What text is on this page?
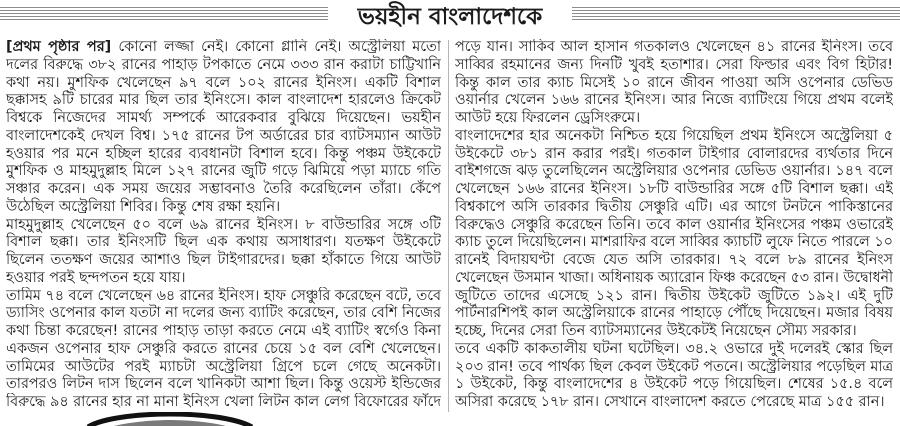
ভয়হীন বাংলাদেশকে
[প্রথম পৃষ্ঠার পর] কোনো লজ্জা নেই। কোনো গ্লানি নেই। অস্ট্রেলিয়া মতো
দলের বিরুদ্ধে ৩৮২ রানের পাহাড় টপকাতে নেমে ৩৩৩ রান করাটা চাট্টিখানি
কথা নয়। মুশফিক খেলেছেন ৯৭ বলে ১০২ রানের ইনিংস। একটি বিশাল
ছক্কাসহ ৯টি চারের মার ছিল তার ইনিংসে। কাল বাংলাদেশ হারলেও ক্রিকেট
বিশ্বকে নিজেদের সামর্থ্য সম্পর্কে আরেকবার বুঝিয়ে দিয়েছেন। ভয়হীন
বাংলাদেশকেই দেখল বিশ্ব। ১৭৫ রানের টপ অর্ডারের চার ব্যাটসম্যান আউট
হওয়ার পর মনে হচ্ছিল হারের ব্যবধানটা বিশাল হবে। কিন্তু পঞ্চম উইকেটে
মুশফিক ও মাহমুদুল্লাহ মিলে ১২৭ রানের জুটি গড়ে ঝিমিয়ে পড়া ম্যাচে গতি
সঞ্চার করেন। এক সময় জয়ের সম্ভাবনাও তৈরি করেছিলেন তাঁরা। কেঁপে
উঠেছিল অস্ট্রেলিয়া শিবির। কিন্তু শেষ রক্ষা হয়নি।
মাহমুদুল্লাহ খেলেছেন ৫০ বলে ৬৯ রানের ইনিংস। ৮ বাউন্ডারির সঙ্গে ৩টি
বিশাল ছক্কা। তার ইনিংসটি ছিল এক কথায় অসাধারণ। যতক্ষণ উইকেটে
ছিলেন ততক্ষণ জয়ের আশাও ছিল টাইগারদের। ছক্কা হাঁকাতে গিয়ে আউট
হওয়ার পরই ছন্দপতন হয়ে যায়।
তামিম ৭৪ বলে খেলেছেন ৬৪ রানের ইনিংস। হাফ সেঞ্চুরি করেছেন বটে, তবে
ড্যাসিং ওপেনার কাল যতটা না দলের জন্য ব্যাটিং করেছেন, তার বেশি নিজের
কথা চিন্তা করেছেন! রানের পাহাড় তাড়া করতে নেমে এই ব্যাটিং স্বর্গেও কিনা
একজন ওপেনার হাফ সেঞ্চুরি করতে রানের চেয়ে ১৫ বল বেশি খেলেছেন।
তামিমের আউটের পরই ম্যাচটা অস্ট্রেলিয়া গ্রিপে চলে গেছে অনেকটা।
তারপরও লিটন দাস ছিলেন বলে খানিকটা আশা ছিল। কিন্তু ওয়েস্ট ইন্ডিজের
বিরুদ্ধে ৯৪ রানের হার না মানা ইনিংস খেলা লিটন কাল লেগ বিফোরের ফাঁদে
পড়ে যান। সাকিব আল হাসান গতকালও খেলেছেন ৪১ রানের ইনিংস। তবে
সাব্বির রহমানের জন্য দিনটি খুবই হতাশার। সেরা ফিল্ডার এবং বিগ হিটার!
কিন্তু কাল তার ক্যাচ মিসেই ১০ রানে জীবন পাওয়া অসি ওপেনার ডেভিড
ওয়ার্নার খেলেন ১৬৬ রানের ইনিংস। আর নিজে ব্যাটিংয়ে গিয়ে প্রথম বলেই
আউট হয়ে ফিরলেন ড্রেসিংরুমে।
বাংলাদেশের হার অনেকটা নিশ্চিত হয়ে গিয়েছিল প্রথম ইনিংসে অস্ট্রেলিয়া ৫
উইকেটে ৩৮১ রান করার পরই। গতকাল টাইগার বোলারদের ব্যর্থতার দিনে
বাইশগজে ঝড় তুলেছিলেন অস্ট্রেলিয়ার ওপেনার ডেভিড ওয়ার্নার। ১৪৭ বলে
খেলেছেন ১৬৬ রানের ইনিংস। ১৮টি বাউন্ডারির সঙ্গে ৫টি বিশাল ছক্কা। এই
বিশ্বকাপে অসি তারকার দ্বিতীয় সেঞ্চুরি এটি। এর আগে টনটনে পাকিস্তানের
বিরুদ্ধেও সেঞ্চুরি করেছেন তিনি। তবে কাল ওয়ার্নার ইনিংসের পঞ্চম ওভারেই
ক্যাচ তুলে দিয়েছিলেন। মাশরাফির বলে সাব্বির ক্যাচটি লুফে নিতে পারলে ১০
রানেই বিদায়ঘণ্টা বেজে যেত অসি তারকার। ৭২ বলে ৮৯ রানের ইনিংস
খেলেছেন উসমান খাজা। অধিনায়ক অ্যারোন ফিঞ্চ করেছেন ৫৩ রান। উদ্বোধনী
জুটিতে তাদের এসেছে ১২১ রান। দ্বিতীয় উইকেট জুটিতে ১৯২। এই দুটি
পার্টনারশিপই কাল অস্ট্রেলিয়াকে রানের পাহাড়ে পৌঁছে দিয়েছেন। মজার বিষয়
হচ্ছে, দিনের সেরা তিন ব্যাটসম্যানের উইকেটই নিয়েছেন সৌম্য সরকার।
তবে একটি কাকতালীয় ঘটনা ঘটেছিল। ৩৪.২ ওভারে দুই দলেরই স্কোর ছিল
২০৩ রান! তবে পার্থক্য ছিল কেবল উইকেট পতনে। অস্ট্রেলিয়ার পড়েছিল মাত্র
১ উইকেট, কিন্তু বাংলাদেশের ৪ উইকেট পড়ে গিয়েছিল। শেষের ১৫.৪ বলে
অসিরা করেছে ১৭৮ রান। সেখানে বাংলাদেশ করতে পেরেছে মাত্র ১৫৫ রান।
